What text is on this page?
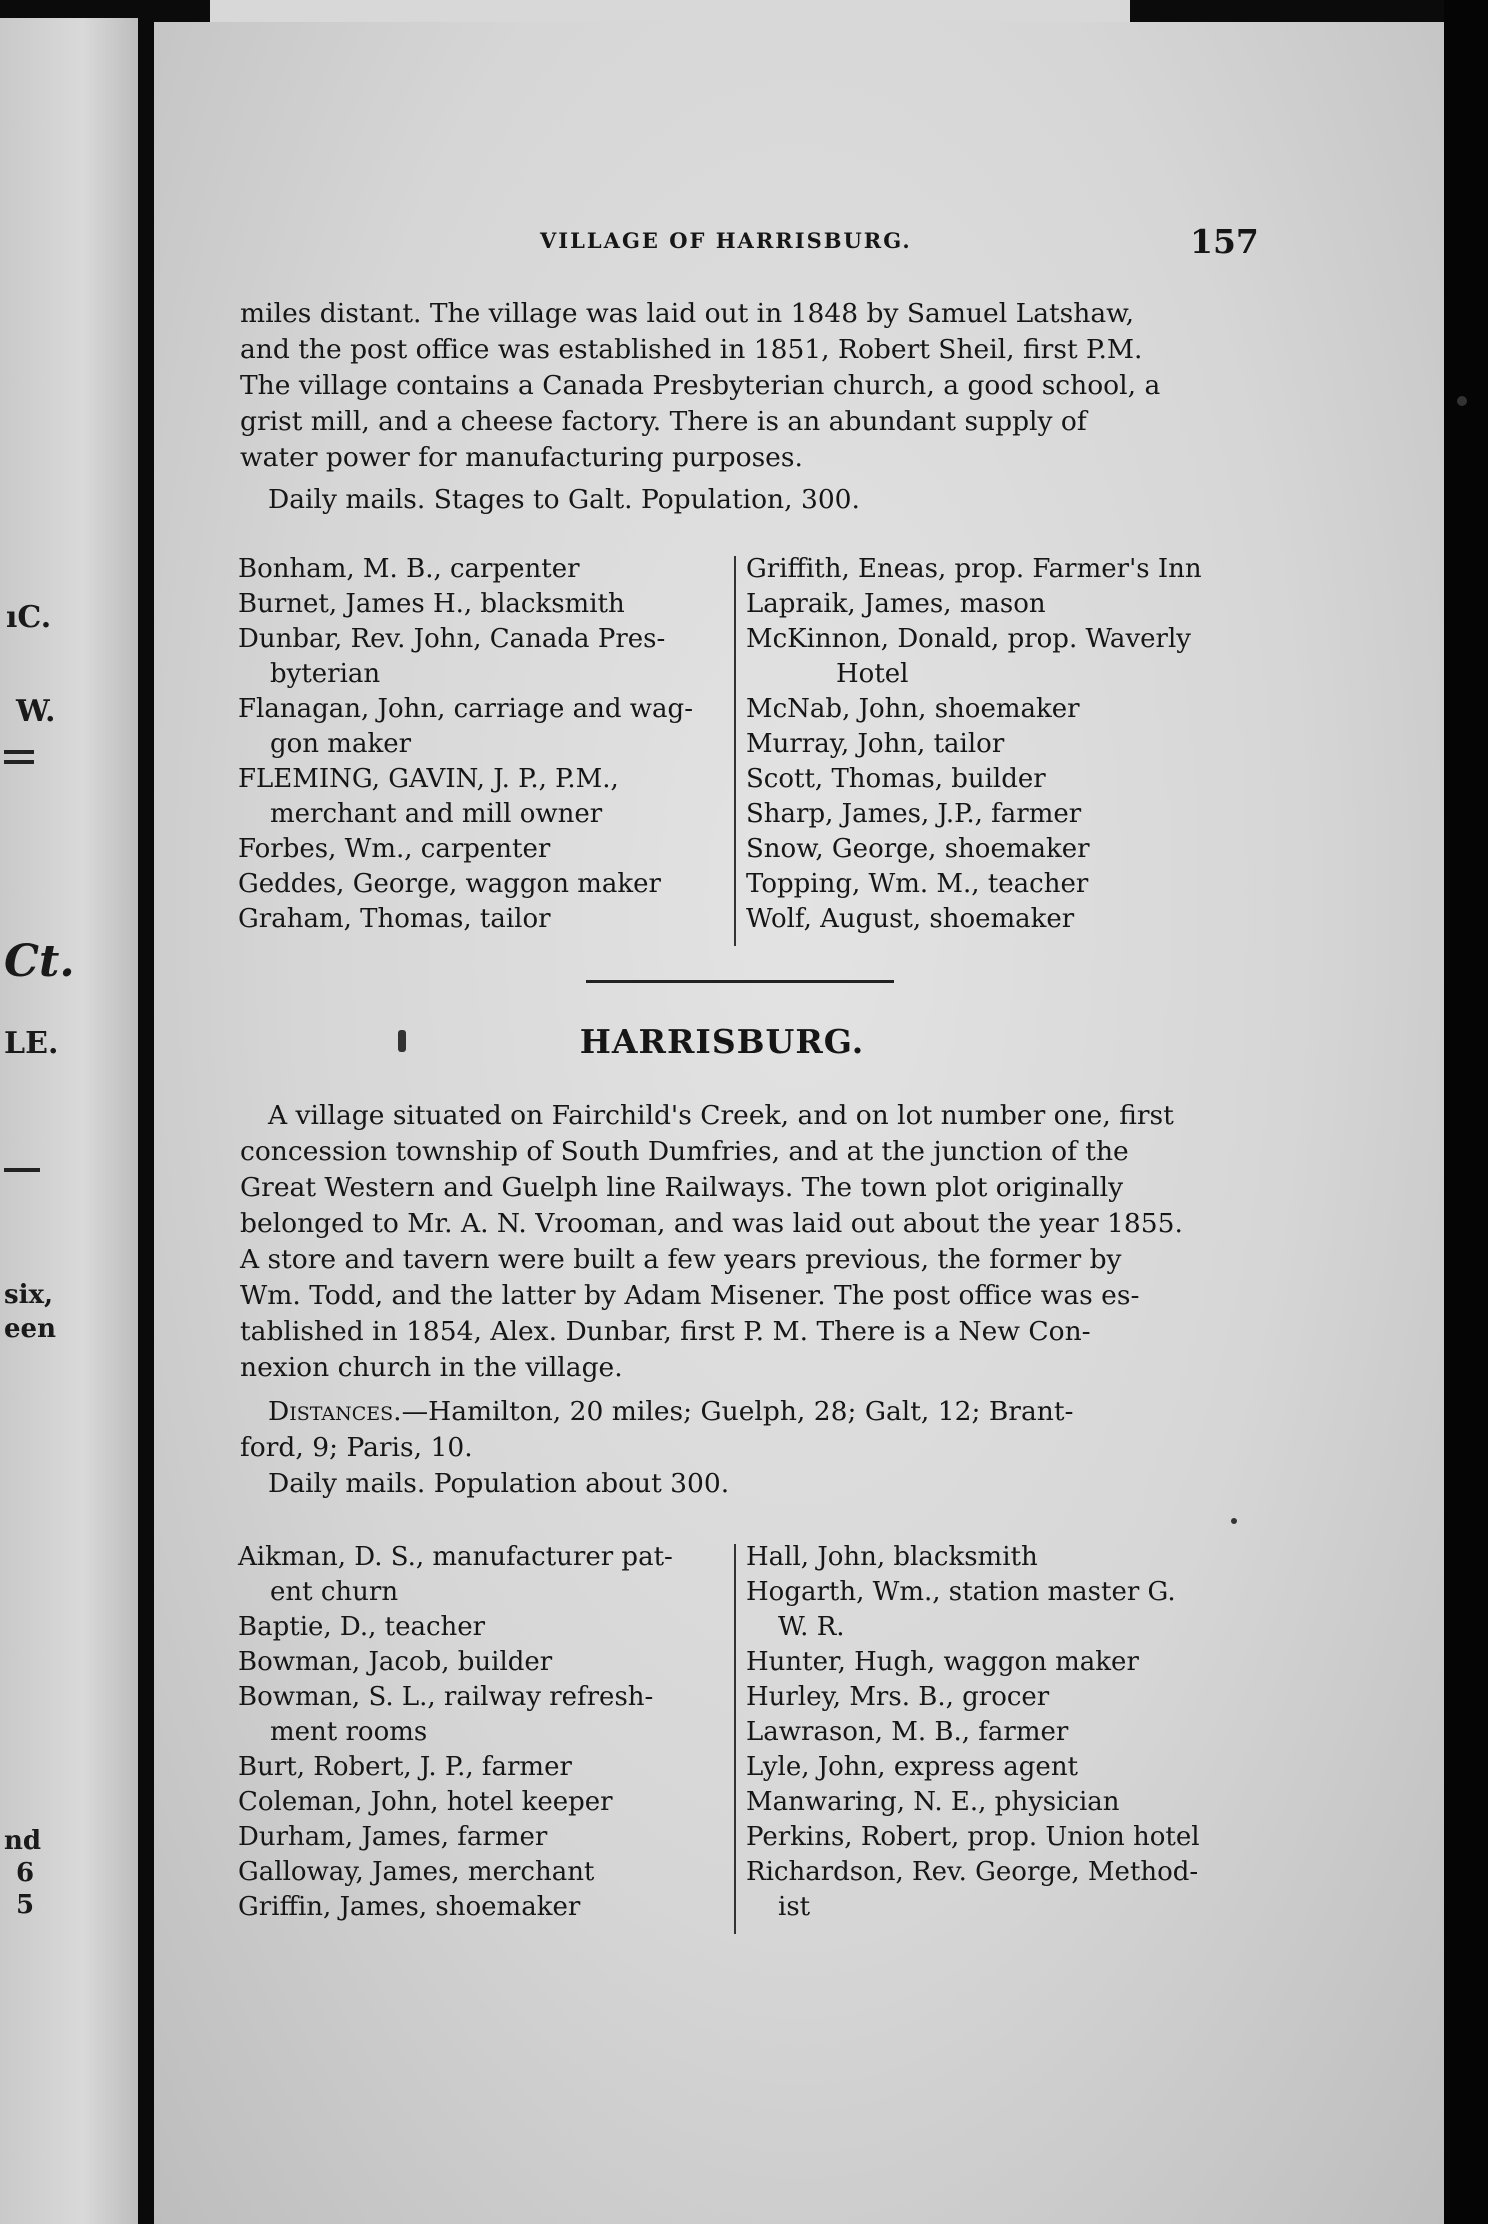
ıC.
W.
Ct.
LE.
six,
een
nd
6
5
VILLAGE OF HARRISBURG.	157
miles distant. The village was laid out in 1848 by Samuel Latshaw,
and the post office was established in 1851, Robert Sheil, first P.M.
The village contains a Canada Presbyterian church, a good school, a
grist mill, and a cheese factory. There is an abundant supply of
water power for manufacturing purposes.
Daily mails. Stages to Galt. Population, 300.
Bonham, M. B., carpenter
Burnet, James H., blacksmith
Dunbar, Rev. John, Canada Pres-
byterian
Flanagan, John, carriage and wag-
gon maker
FLEMING, GAVIN, J. P., P.M.,
merchant and mill owner
Forbes, Wm., carpenter
Geddes, George, waggon maker
Graham, Thomas, tailor
Griffith, Eneas, prop. Farmer's Inn
Lapraik, James, mason
McKinnon, Donald, prop. Waverly
Hotel
McNab, John, shoemaker
Murray, John, tailor
Scott, Thomas, builder
Sharp, James, J.P., farmer
Snow, George, shoemaker
Topping, Wm. M., teacher
Wolf, August, shoemaker
HARRISBURG.
A village situated on Fairchild's Creek, and on lot number one, first
concession township of South Dumfries, and at the junction of the
Great Western and Guelph line Railways. The town plot originally
belonged to Mr. A. N. Vrooman, and was laid out about the year 1855.
A store and tavern were built a few years previous, the former by
Wm. Todd, and the latter by Adam Misener. The post office was es-
tablished in 1854, Alex. Dunbar, first P. M. There is a New Con-
nexion church in the village.
Distances.—Hamilton, 20 miles; Guelph, 28; Galt, 12; Brant-
ford, 9; Paris, 10.
Daily mails. Population about 300.
Aikman, D. S., manufacturer pat-
ent churn
Baptie, D., teacher
Bowman, Jacob, builder
Bowman, S. L., railway refresh-
ment rooms
Burt, Robert, J. P., farmer
Coleman, John, hotel keeper
Durham, James, farmer
Galloway, James, merchant
Griffin, James, shoemaker
Hall, John, blacksmith
Hogarth, Wm., station master G.
W. R.
Hunter, Hugh, waggon maker
Hurley, Mrs. B., grocer
Lawrason, M. B., farmer
Lyle, John, express agent
Manwaring, N. E., physician
Perkins, Robert, prop. Union hotel
Richardson, Rev. George, Method-
ist
